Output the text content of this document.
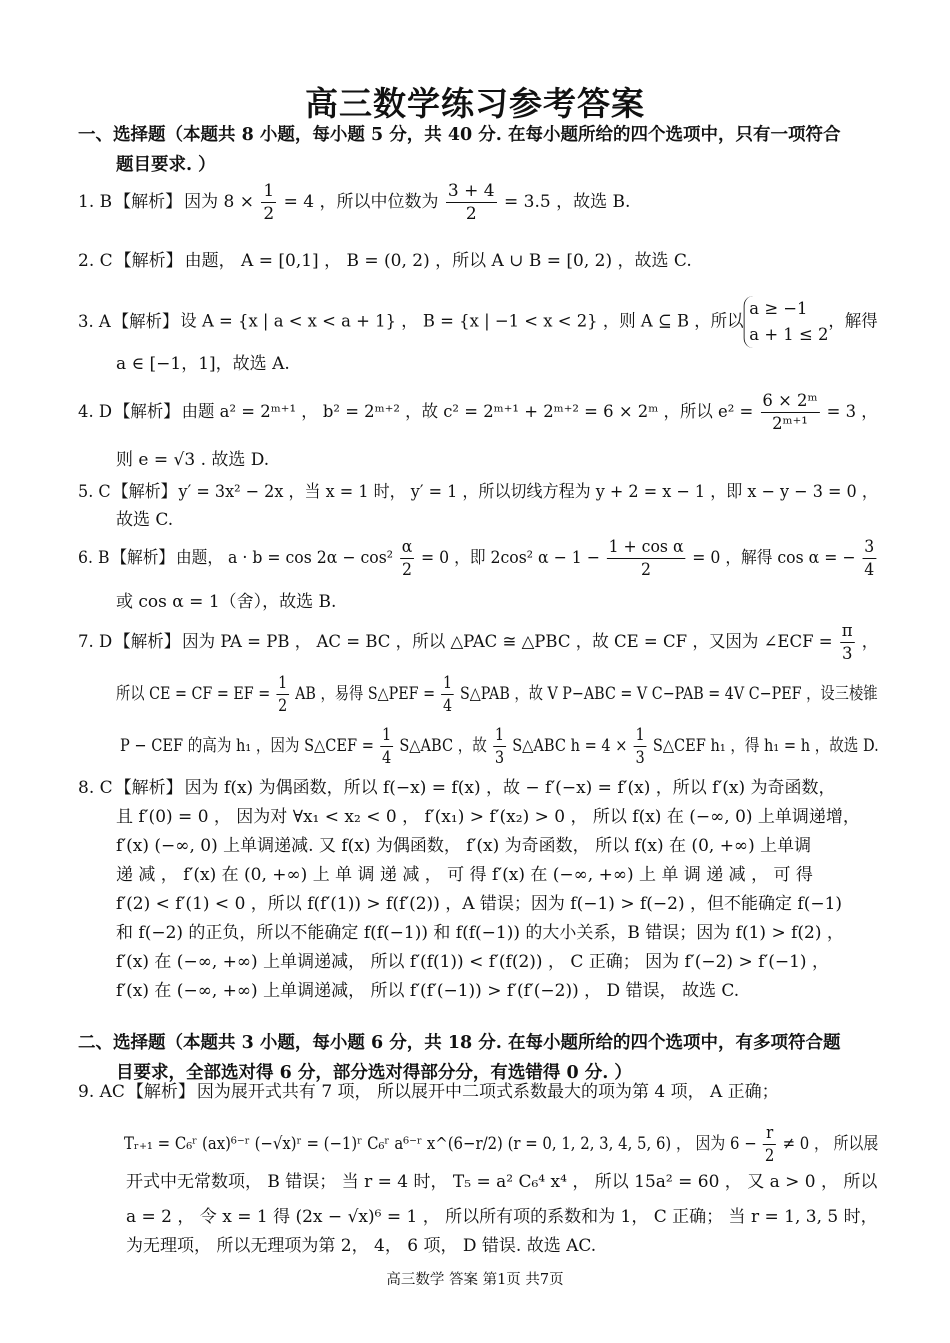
高三数学练习参考答案
一、选择题（本题共 8 小题，每小题 5 分，共 40 分. 在每小题所给的四个选项中，只有一项符合
题目要求. ）
1. B 【解析】 因为 $8 \times \frac{1}{2} = 4$ ，所以中位数为 $\frac{3 + 4}{2} = 3.5$ ，故选 B.
2. C 【解析】 由题， A = [0,1] ， B = (0, 2) ，所以 A ∪ B = [0, 2) ，故选 C.
3. A 【解析】 设 A = {x | a < x < a + 1} ， B = {x | −1 < x < 2} ，则 A ⊆ B ，所以
a ≥ −1
a + 1 ≤ 2
，解得
a ∈ [−1，1]，故选 A.
4. D 【解析】 由题 a² = 2ᵐ⁺¹ ， b² = 2ᵐ⁺² ，故 c² = 2ᵐ⁺¹ + 2ᵐ⁺² = 6 × 2ᵐ ，所以 $e^2 = \frac{\text{6 × 2ᵐ}}{\text{2ᵐ⁺¹}} = 3$ ，
则 e = √3 . 故选 D.
5. C 【解析】 y′ = 3x² − 2x ，当 x = 1 时， y′ = 1 ，所以切线方程为 y + 2 = x − 1 ，即 x − y − 3 = 0 ，
故选 C.
6. B 【解析】 由题， $a \cdot b = \cos 2\alpha - \cos^2 \frac{\alpha}{2} = 0$ ，即 2cos² $\alpha - 1 - \frac{\text{1 + cos α}}{2} = 0$ ，解得 cos α = − $\frac{3}{4}$
或 cos α = 1（舍），故选 B.
7. D 【解析】 因为 PA = PB ， AC = BC ，所以 △PAC ≅ △PBC ，故 CE = CF ，又因为 ∠ECF = $\frac{\pi}{3}$ ，
所以 CE = CF = EF = $\frac{1}{2}$ AB ，易得 S△PEF = $\frac{1}{4}$ S△PAB ，故 V P−ABC = V C−PAB = 4V C−PEF ，设三棱锥
P − CEF 的高为 h₁ ，因为 S△CEF = $\frac{1}{4}$ S△ABC ，故 $\frac{1}{3}$ S△ABC $h = 4 \times \frac{1}{3}$ S△CEF h₁ ，得 h₁ = h ，故选 D.
8. C 【解析】 因为 f(x) 为偶函数，所以 f(−x) = f(x) ，故 − f′(−x) = f′(x) ，所以 f′(x) 为奇函数，
且 f′(0) = 0 ， 因为对 ∀x₁ < x₂ < 0 ， f′(x₁) > f′(x₂) > 0 ， 所以 f(x) 在 (−∞, 0) 上单调递增，
f′(x) (−∞, 0) 上单调递减. 又 f(x) 为偶函数， f′(x) 为奇函数， 所以 f(x) 在 (0, +∞) 上单调
递 减 ， f′(x) 在 (0, +∞) 上 单 调 递 减 ， 可 得 f′(x) 在 (−∞, +∞) 上 单 调 递 减 ， 可 得
f′(2) < f′(1) < 0 ，所以 f(f′(1)) > f(f′(2)) ，A 错误；因为 f(−1) > f(−2) ，但不能确定 f(−1)
和 f(−2) 的正负，所以不能确定 f(f(−1)) 和 f(f(−1)) 的大小关系，B 错误；因为 f(1) > f(2) ，
f′(x) 在 (−∞, +∞) 上单调递减， 所以 f′(f(1)) < f′(f(2)) ， C 正确； 因为 f′(−2) > f′(−1) ，
f′(x) 在 (−∞, +∞) 上单调递减， 所以 f′(f′(−1)) > f′(f′(−2)) ， D 错误， 故选 C.
二、选择题（本题共 3 小题，每小题 6 分，共 18 分. 在每小题所给的四个选项中，有多项符合题
目要求，全部选对得 6 分，部分选对得部分分，有选错得 0 分. ）
9. AC 【解析】 因为展开式共有 7 项， 所以展开中二项式系数最大的项为第 4 项， A 正确；
Tᵣ₊₁ = C₆ʳ (ax)⁶⁻ʳ (−√x)ʳ = (−1)ʳ C₆ʳ a⁶⁻ʳ x^(6−r/2) (r = 0, 1, 2, 3, 4, 5, 6) ， 因为 $6 - \frac{r}{2} \ne 0$ ， 所以展
开式中无常数项， B 错误； 当 r = 4 时， T₅ = a² C₆⁴ x⁴ ， 所以 15a² = 60 ， 又 a > 0 ， 所以
a = 2 ， 令 x = 1 得 (2x − √x)⁶ = 1 ， 所以所有项的系数和为 1， C 正确； 当 r = 1, 3, 5 时，
为无理项， 所以无理项为第 2， 4， 6 项， D 错误. 故选 AC.
高三数学 答案 第1页 共7页
